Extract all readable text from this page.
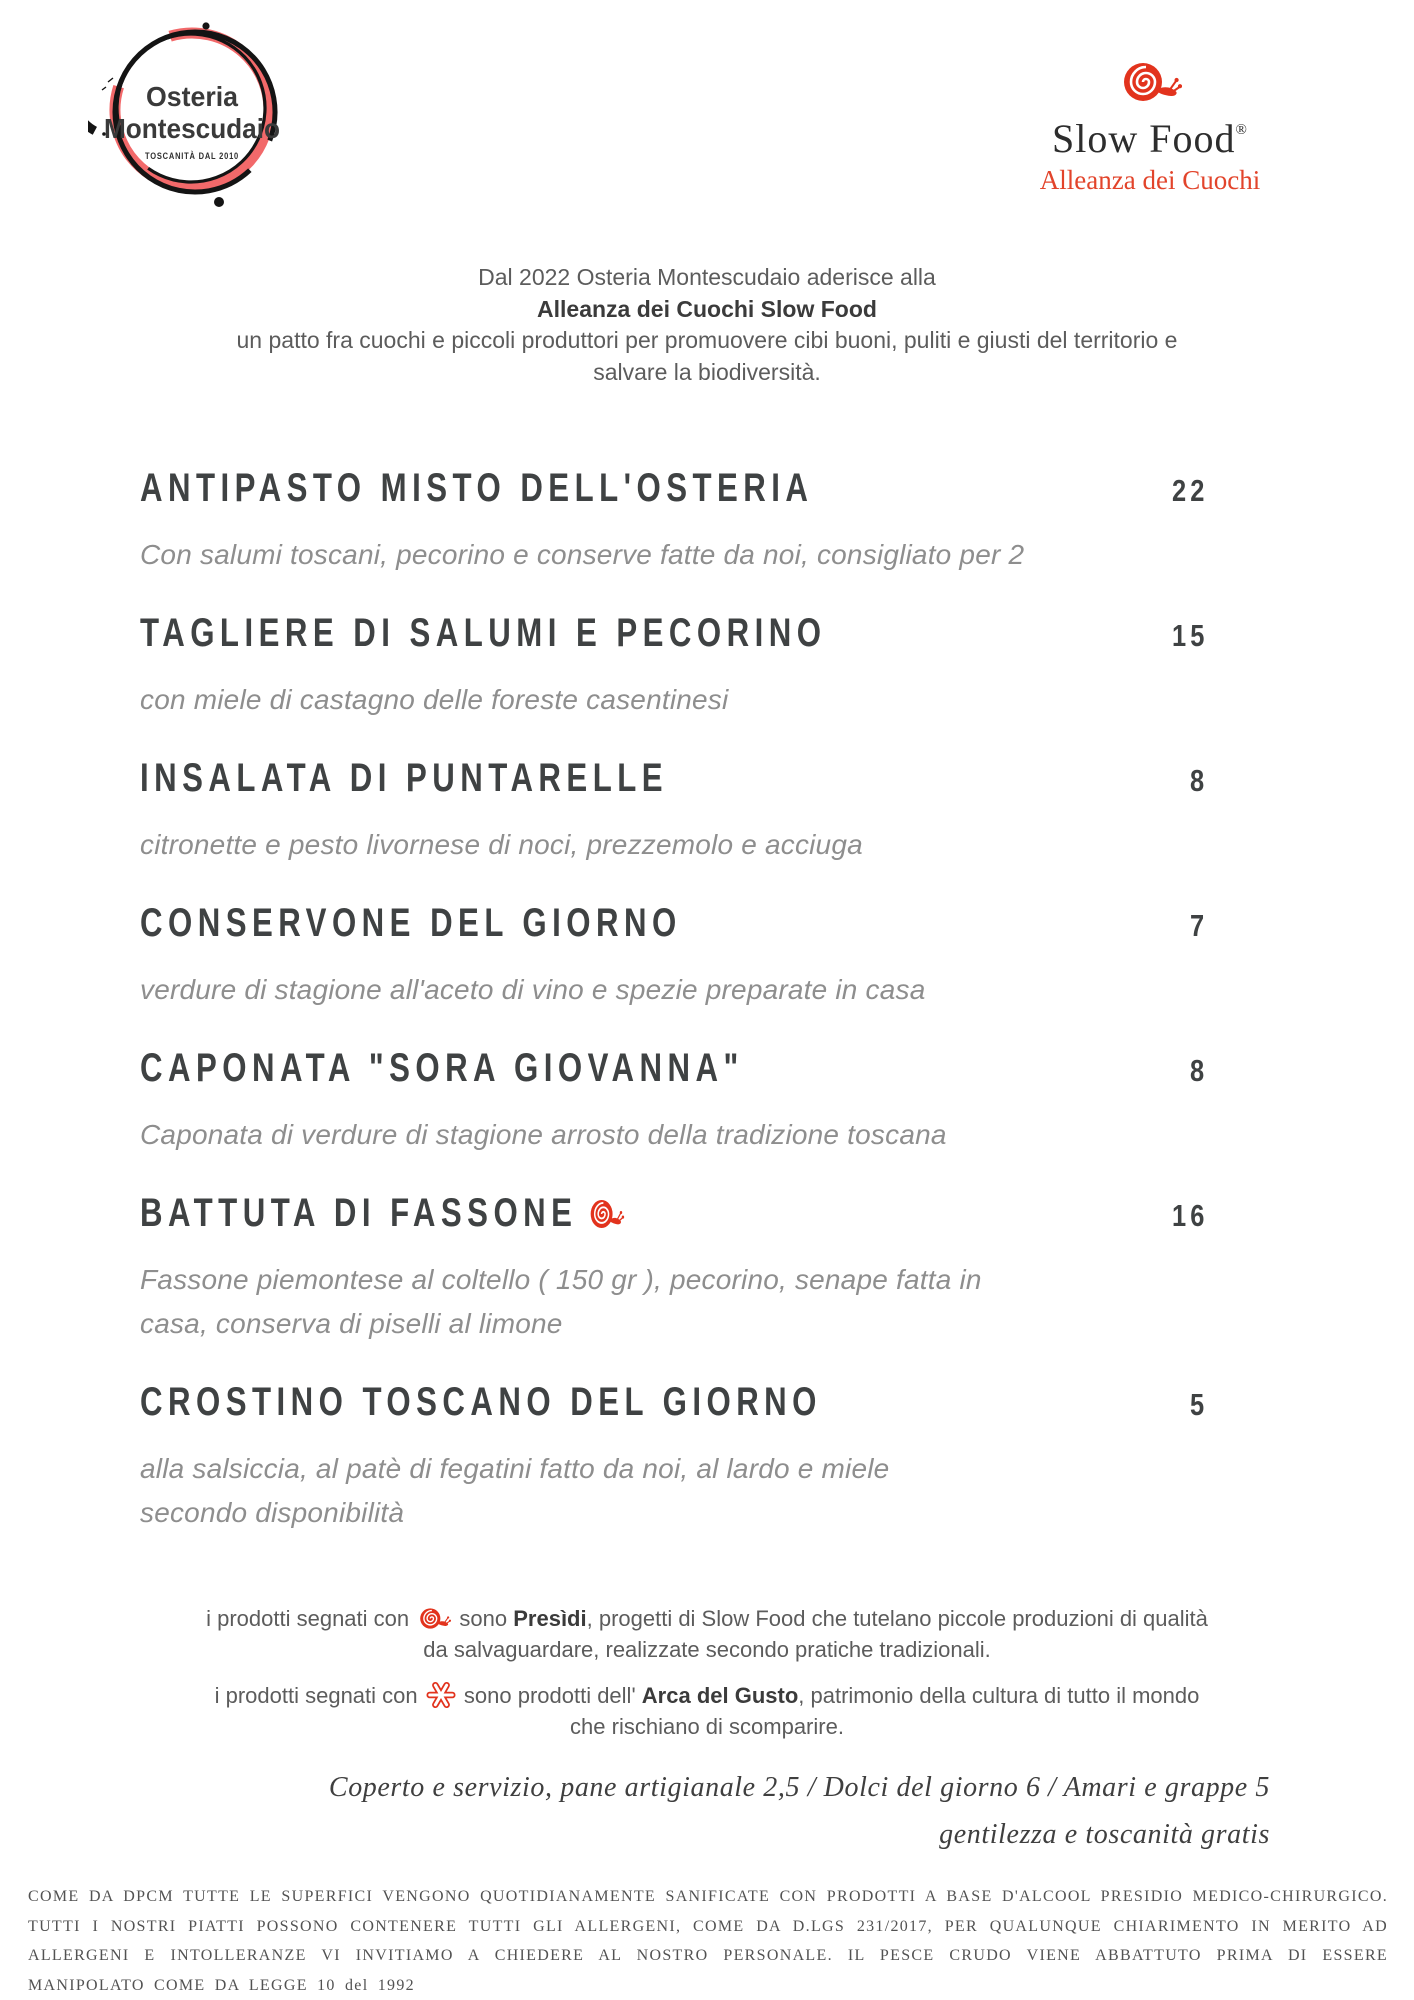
Osteria
Montescudaio
TOSCANITÀ DAL 2010	Slow Food®
Alleanza dei Cuochi
Dal 2022 Osteria Montescudaio aderisce alla
Alleanza dei Cuochi Slow Food
un patto fra cuochi e piccoli produttori per promuovere cibi buoni, puliti e giusti del territorio e
salvare la biodiversità.
ANTIPASTO MISTO DELL'OSTERIA	22
Con salumi toscani, pecorino e conserve fatte da noi, consigliato per 2
TAGLIERE DI SALUMI E PECORINO	15
con miele di castagno delle foreste casentinesi
INSALATA DI PUNTARELLE	8
citronette e pesto livornese di noci, prezzemolo e acciuga
CONSERVONE DEL GIORNO	7
verdure di stagione all'aceto di vino e spezie preparate in casa
CAPONATA "SORA GIOVANNA"	8
Caponata di verdure di stagione arrosto della tradizione toscana
BATTUTA DI FASSONE	16
Fassone piemontese al coltello ( 150 gr ), pecorino, senape fatta in
casa, conserva di piselli al limone
CROSTINO TOSCANO DEL GIORNO	5
alla salsiccia, al patè di fegatini fatto da noi, al lardo e miele
secondo disponibilità
i prodotti segnati con sono Presìdi, progetti di Slow Food che tutelano piccole produzioni di qualità da salvaguardare, realizzate secondo pratiche tradizionali.
i prodotti segnati con sono prodotti dell' Arca del Gusto, patrimonio della cultura di tutto il mondo che rischiano di scomparire.
Coperto e servizio, pane artigianale 2,5 / Dolci del giorno 6 / Amari e grappe 5
gentilezza e toscanità gratis
COME DA DPCM TUTTE LE SUPERFICI VENGONO QUOTIDIANAMENTE SANIFICATE CON PRODOTTI A BASE D'ALCOOL PRESIDIO MEDICO-CHIRURGICO. TUTTI I NOSTRI PIATTI POSSONO CONTENERE TUTTI GLI ALLERGENI, COME DA D.LGS 231/2017, PER QUALUNQUE CHIARIMENTO IN MERITO AD ALLERGENI E INTOLLERANZE VI INVITIAMO A CHIEDERE AL NOSTRO PERSONALE. IL PESCE CRUDO VIENE ABBATTUTO PRIMA DI ESSERE MANIPOLATO COME DA LEGGE 10 del 1992
